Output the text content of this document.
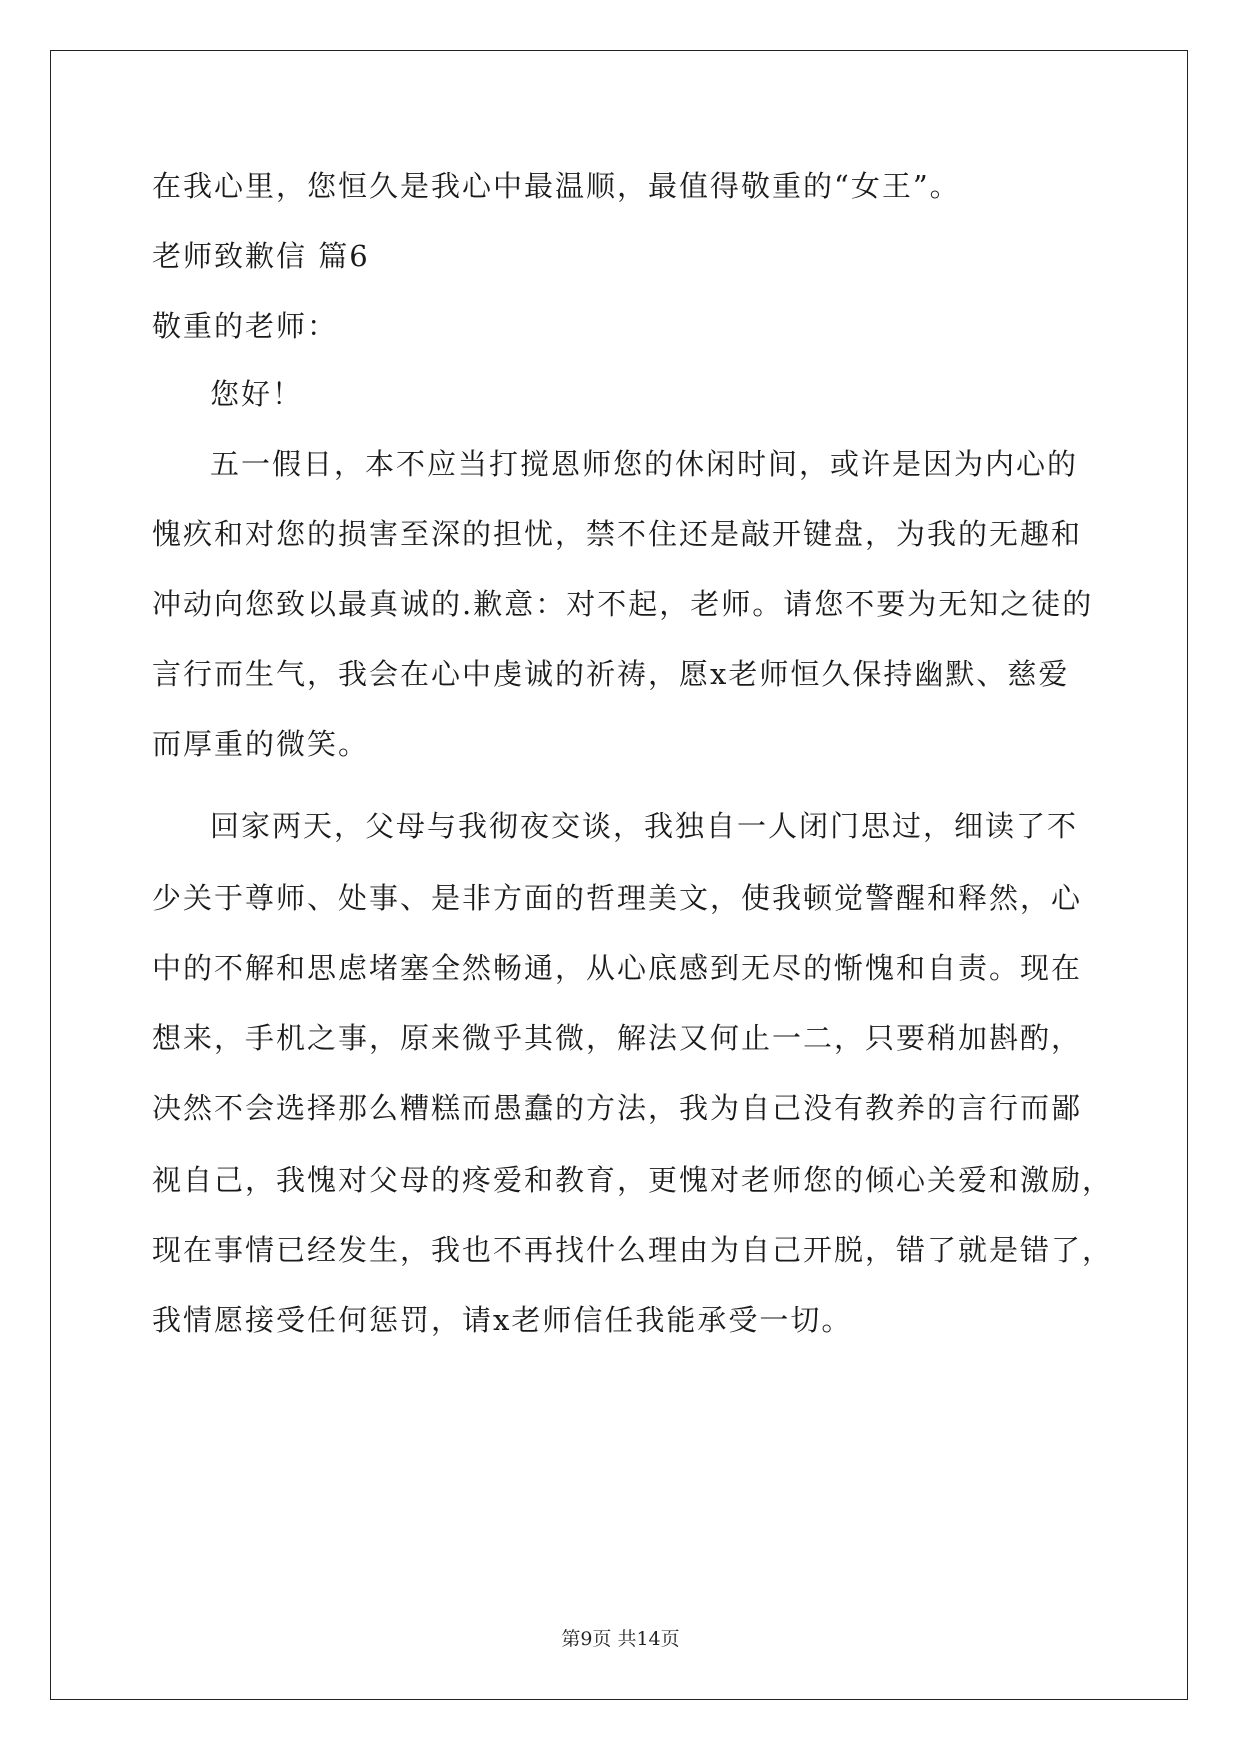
在我心里，您恒久是我心中最温顺，最值得敬重的“女王”。
老师致歉信 篇6
敬重的老师：
您好！
五一假日，本不应当打搅恩师您的休闲时间，或许是因为内心的
愧疚和对您的损害至深的担忧，禁不住还是敲开键盘，为我的无趣和
冲动向您致以最真诚的.歉意：对不起，老师。请您不要为无知之徒的
言行而生气，我会在心中虔诚的祈祷，愿x老师恒久保持幽默、慈爱
而厚重的微笑。
回家两天，父母与我彻夜交谈，我独自一人闭门思过，细读了不
少关于尊师、处事、是非方面的哲理美文，使我顿觉警醒和释然，心
中的不解和思虑堵塞全然畅通，从心底感到无尽的惭愧和自责。现在
想来，手机之事，原来微乎其微，解法又何止一二，只要稍加斟酌，
决然不会选择那么糟糕而愚蠢的方法，我为自己没有教养的言行而鄙
视自己，我愧对父母的疼爱和教育，更愧对老师您的倾心关爱和激励，
现在事情已经发生，我也不再找什么理由为自己开脱，错了就是错了，
我情愿接受任何惩罚，请x老师信任我能承受一切。
第9页 共14页
